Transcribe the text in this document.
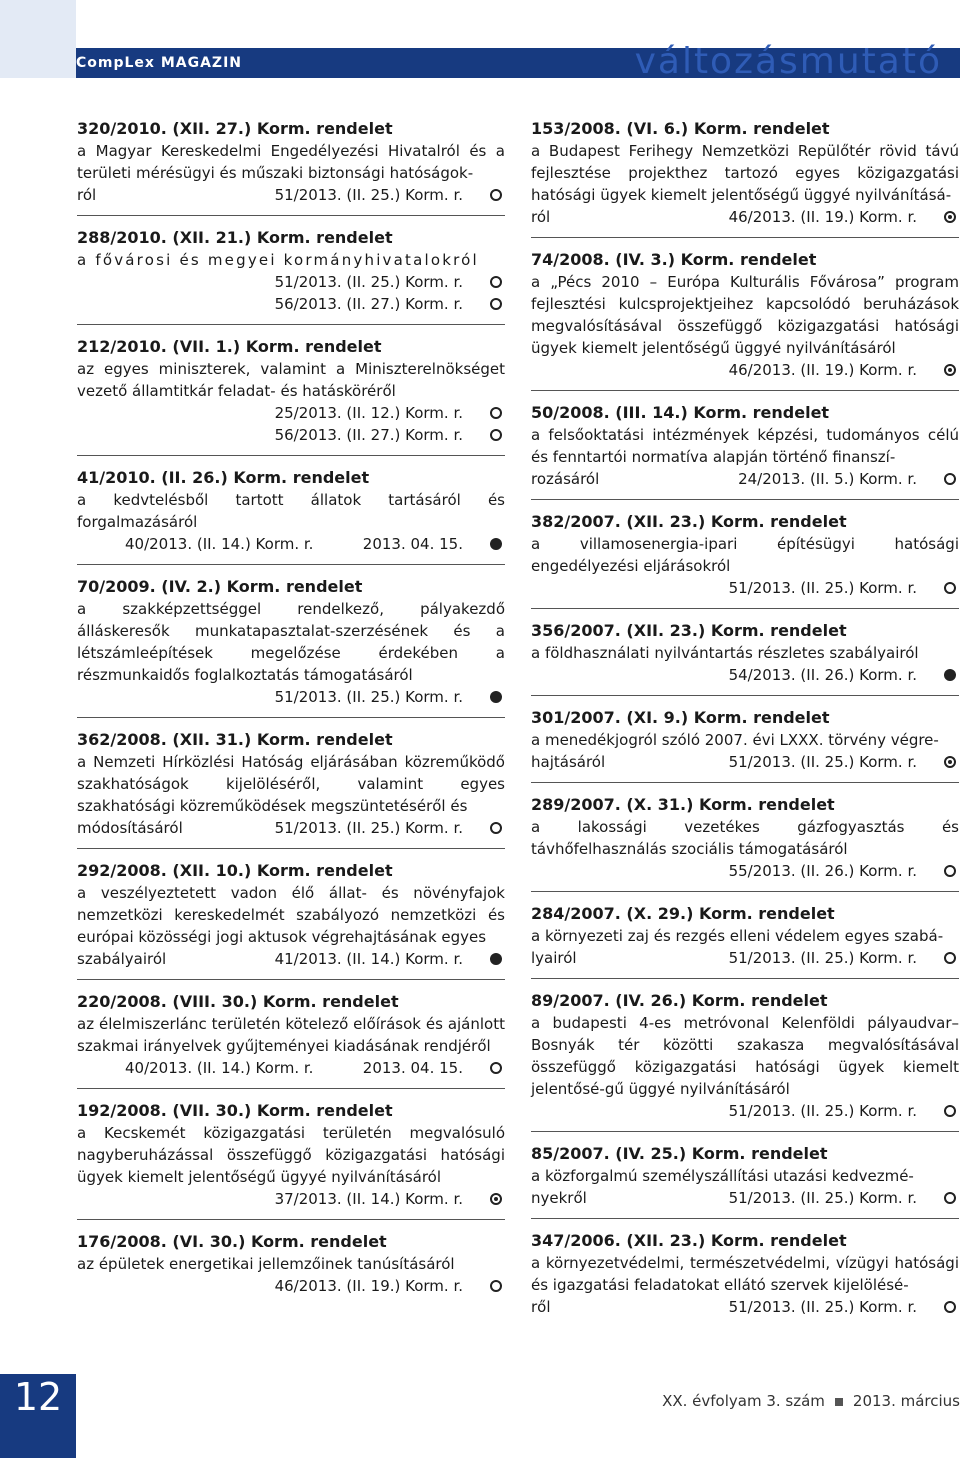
12
CompLex MAGAZIN	változásmutató

320/2010. (XII. 27.) Korm. rendelet

a Magyar Kereskedelmi Engedélyezési Hivatalról és a területi mérésügyi és műszaki biztonsági hatóságok-

ról	51/2013. (II. 25.) Korm. r.

288/2010. (XII. 21.) Korm. rendelet

a fővárosi és megyei kormányhivatalokról

51/2013. (II. 25.) Korm. r.
56/2013. (II. 27.) Korm. r.

212/2010. (VII. 1.) Korm. rendelet

az egyes miniszterek, valamint a Miniszterelnökséget vezető államtitkár feladat- és hatásköréről

25/2013. (II. 12.) Korm. r.
56/2013. (II. 27.) Korm. r.

41/2010. (II. 26.) Korm. rendelet

a kedvtelésből tartott állatok tartásáról és forgalmazásáról

40/2013. (II. 14.) Korm. r.	2013. 04. 15.

70/2009. (IV. 2.) Korm. rendelet

a szakképzettséggel rendelkező, pályakezdő álláskeresők munkatapasztalat-szerzésének és a létszámleépítések megelőzése érdekében a részmunkaidős foglalkoztatás támogatásáról

51/2013. (II. 25.) Korm. r.

362/2008. (XII. 31.) Korm. rendelet

a Nemzeti Hírközlési Hatóság eljárásában közreműködő szakhatóságok kijelöléséről, valamint egyes szakhatósági közreműködések megszüntetéséről és

módosításáról	51/2013. (II. 25.) Korm. r.

292/2008. (XII. 10.) Korm. rendelet

a veszélyeztetett vadon élő állat- és növényfajok nemzetközi kereskedelmét szabályozó nemzetközi és európai közösségi jogi aktusok végrehajtásának egyes

szabályairól	41/2013. (II. 14.) Korm. r.

220/2008. (VIII. 30.) Korm. rendelet

az élelmiszerlánc területén kötelező előírások és ajánlott szakmai irányelvek gyűjteményei kiadásának rendjéről

40/2013. (II. 14.) Korm. r.	2013. 04. 15.

192/2008. (VII. 30.) Korm. rendelet

a Kecskemét közigazgatási területén megvalósuló nagyberuházással összefüggő közigazgatási hatósági ügyek kiemelt jelentőségű ügyyé nyilvánításáról

37/2013. (II. 14.) Korm. r.

176/2008. (VI. 30.) Korm. rendelet

az épületek energetikai jellemzőinek tanúsításáról

46/2013. (II. 19.) Korm. r.

153/2008. (VI. 6.) Korm. rendelet

a Budapest Ferihegy Nemzetközi Repülőtér rövid távú fejlesztése projekthez tartozó egyes közigazgatási hatósági ügyek kiemelt jelentőségű üggyé nyilvánításá-

ról	46/2013. (II. 19.) Korm. r.

74/2008. (IV. 3.) Korm. rendelet

a „Pécs 2010 – Európa Kulturális Fővárosa” program fejlesztési kulcsprojektjeihez kapcsolódó beruházások megvalósításával összefüggő közigazgatási hatósági ügyek kiemelt jelentőségű üggyé nyilvánításáról

46/2013. (II. 19.) Korm. r.

50/2008. (III. 14.) Korm. rendelet

a felsőoktatási intézmények képzési, tudományos célú és fenntartói normatíva alapján történő finanszí-

rozásáról	24/2013. (II. 5.) Korm. r.

382/2007. (XII. 23.) Korm. rendelet

a villamosenergia-ipari építésügyi hatósági engedélyezési eljárásokról

51/2013. (II. 25.) Korm. r.

356/2007. (XII. 23.) Korm. rendelet

a földhasználati nyilvántartás részletes szabályairól

54/2013. (II. 26.) Korm. r.

301/2007. (XI. 9.) Korm. rendelet

a menedékjogról szóló 2007. évi LXXX. törvény végre-

hajtásáról	51/2013. (II. 25.) Korm. r.

289/2007. (X. 31.) Korm. rendelet

a lakossági vezetékes gázfogyasztás és távhőfelhasználás szociális támogatásáról

55/2013. (II. 26.) Korm. r.

284/2007. (X. 29.) Korm. rendelet

a környezeti zaj és rezgés elleni védelem egyes szabá-

lyairól	51/2013. (II. 25.) Korm. r.

89/2007. (IV. 26.) Korm. rendelet

a budapesti 4-es metróvonal Kelenföldi pályaudvar–Bosnyák tér közötti szakasza megvalósításával összefüggő közigazgatási hatósági ügyek kiemelt jelentősé-gű üggyé nyilvánításáról

51/2013. (II. 25.) Korm. r.

85/2007. (IV. 25.) Korm. rendelet

a közforgalmú személyszállítási utazási kedvezmé-

nyekről	51/2013. (II. 25.) Korm. r.

347/2006. (XII. 23.) Korm. rendelet

a környezetvédelmi, természetvédelmi, vízügyi hatósági és igazgatási feladatokat ellátó szervek kijelölésé-

ről	51/2013. (II. 25.) Korm. r.
XX. évfolyam 3. szám 2013. március
